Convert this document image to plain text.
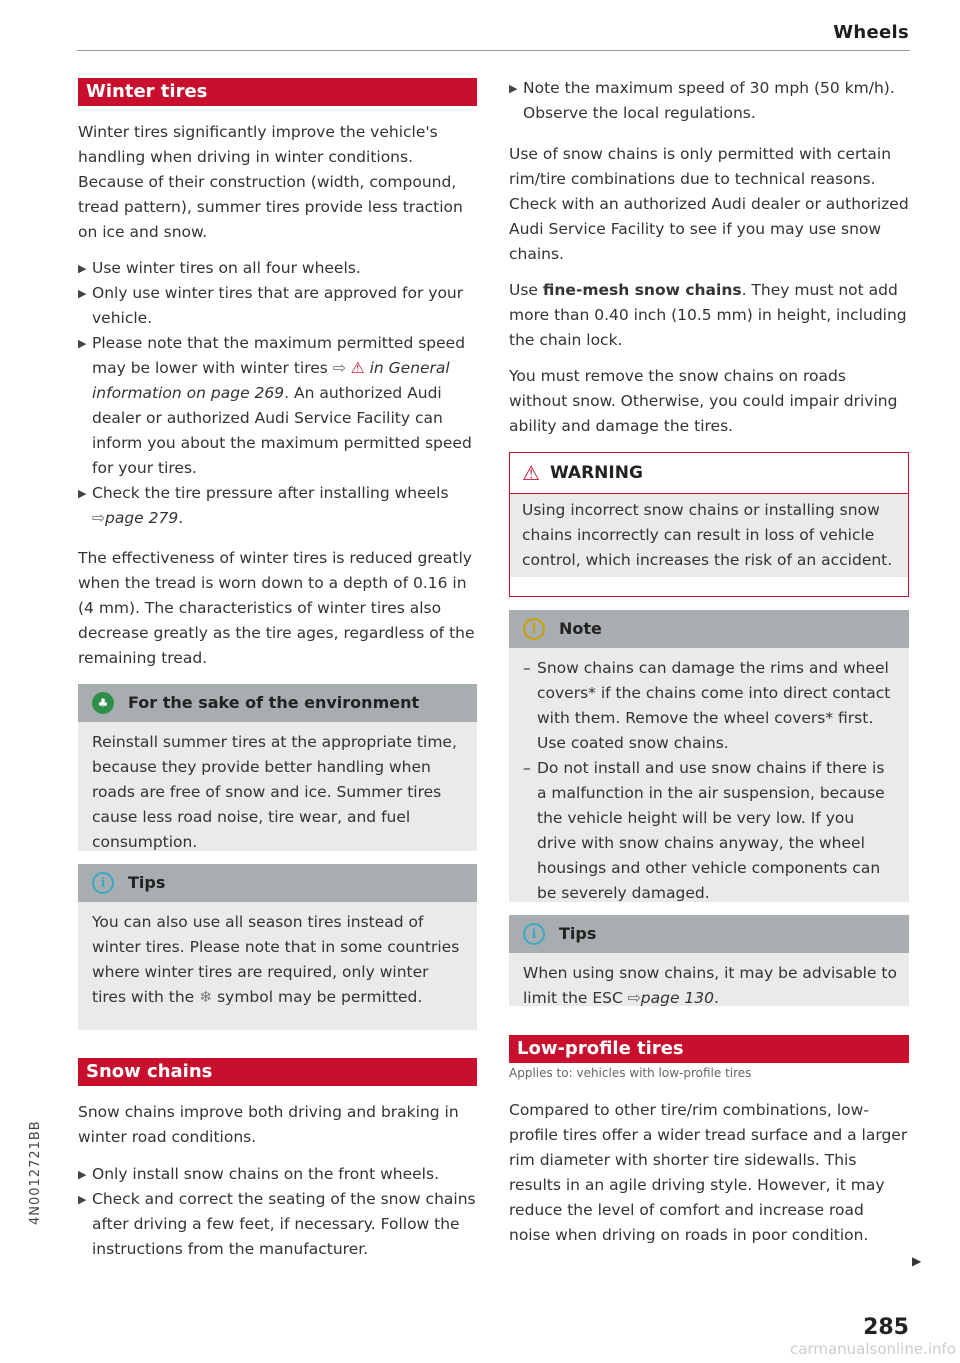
Wheels
Winter tires

Winter tires significantly improve the vehicle's handling when driving in winter conditions. Because of their construction (width, compound, tread pattern), summer tires provide less traction on ice and snow.

▶ Use winter tires on all four wheels.

▶ Only use winter tires that are approved for your vehicle.

▶ Please note that the maximum permitted speed may be lower with winter tires ⇨ ⚠ in General information on page 269. An authorized Audi dealer or authorized Audi Service Facility can inform you about the maximum permitted speed for your tires.

▶ Check the tire pressure after installing wheels ⇨page 279.

The effectiveness of winter tires is reduced greatly when the tread is worn down to a depth of 0.16 in (4 mm). The characteristics of winter tires also decrease greatly as the tire ages, regardless of the remaining tread.

♣	For the sake of the environment

Reinstall summer tires at the appropriate time, because they provide better handling when roads are free of snow and ice. Summer tires cause less road noise, tire wear, and fuel consumption.

i	Tips

You can also use all season tires instead of winter tires. Please note that in some countries where winter tires are required, only winter tires with the ❄ symbol may be permitted.

Snow chains

Snow chains improve both driving and braking in winter road conditions.

▶ Only install snow chains on the front wheels.

▶ Check and correct the seating of the snow chains after driving a few feet, if necessary. Follow the instructions from the manufacturer.

▶ Note the maximum speed of 30 mph (50 km/h). Observe the local regulations.

Use of snow chains is only permitted with certain rim/tire combinations due to technical reasons. Check with an authorized Audi dealer or authorized Audi Service Facility to see if you may use snow chains.

Use fine-mesh snow chains. They must not add more than 0.40 inch (10.5 mm) in height, including the chain lock.

You must remove the snow chains on roads without snow. Otherwise, you could impair driving ability and damage the tires.

⚠ WARNING

Using incorrect snow chains or installing snow chains incorrectly can result in loss of vehicle control, which increases the risk of an accident.

!	Note

– Snow chains can damage the rims and wheel covers* if the chains come into direct contact with them. Remove the wheel covers* first. Use coated snow chains.

– Do not install and use snow chains if there is a malfunction in the air suspension, because the vehicle height will be very low. If you drive with snow chains anyway, the wheel housings and other vehicle components can be severely damaged.

i	Tips

When using snow chains, it may be advisable to limit the ESC ⇨page 130.

Low-profile tires
Applies to: vehicles with low-profile tires

Compared to other tire/rim combinations, low-profile tires offer a wider tread surface and a larger rim diameter with shorter tire sidewalls. This results in an agile driving style. However, it may reduce the level of comfort and increase road noise when driving on roads in poor condition.

▶
285
4N0012721BB
carmanualsonline.info
